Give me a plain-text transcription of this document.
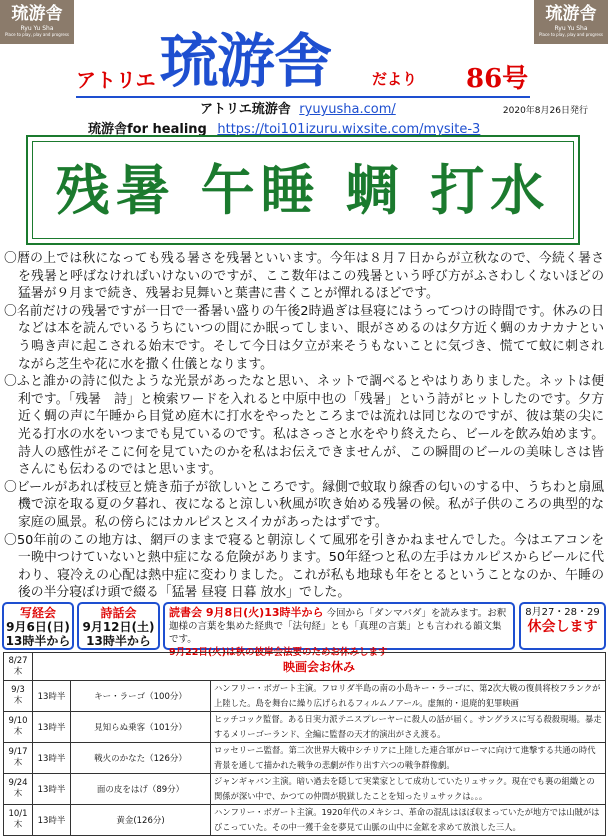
琉游舎
Ryu Yu Sha
Place to play, play and progress
琉游舎
Ryu Yu Sha
Place to play, play and progress
アトリエ 琉游舎	だより 86号
アトリエ琉游舎 ryuyusha.com/	2020年8月26日発行
琉游舎for healing https://toi101izuru.wixsite.com/mysite-3
残暑 午睡 蜩 打水

〇暦の上では秋になっても残る暑さを残暑といいます。今年は８月７日からが立秋なので、今続く暑さを残暑と呼ばなければいけないのですが、ここ数年はこの残暑という呼び方がふさわしくないほどの猛暑が９月まで続き、残暑お見舞いと葉書に書くことが憚れるほどです。

〇名前だけの残暑ですが一日で一番暑い盛りの午後2時過ぎは昼寝にはうってつけの時間です。休みの日などは本を読んでいるうちにいつの間にか眠ってしまい、眼がさめるのは夕方近く蜩のカナカナという鳴き声に起こされる始末です。そして今日は夕立が来そうもないことに気づき、慌てて蚊に刺されながら芝生や花に水を撒く仕儀となります。

〇ふと誰かの詩に似たような光景があったなと思い、ネットで調べるとやはりありました。ネットは便利です。「残暑　詩」と検索ワードを入れると中原中也の「残暑」という詩がヒットしたのです。夕方近く蜩の声に午睡から目覚め庭木に打水をやったところまでは流れは同じなのですが、彼は葉の尖に光る打水の水をいつまでも見ているのです。私はさっさと水をやり終えたら、ビールを飲み始めます。詩人の感性がそこに何を見ていたのかを私はお伝えできませんが、この瞬間のビールの美味しさは皆さんにも伝わるのではと思います。

〇ビールがあれば枝豆と焼き茄子が欲しいところです。縁側で蚊取り線香の匂いのする中、うちわと扇風機で涼を取る夏の夕暮れ、夜になると涼しい秋風が吹き始める残暑の候。私が子供のころの典型的な家庭の風景。私の傍らにはカルピスとスイカがあったはずです。

〇50年前のこの地方は、網戸のままで寝ると朝涼しくて風邪を引きかねませんでした。今はエアコンを一晩中つけていないと熱中症になる危険があります。50年経つと私の左手はカルピスからビールに代わり、寝冷えの心配は熱中症に変わりました。これが私も地球も年をとるということなのか、午睡の後の半分寝ぼけ頭で綴る「猛暑 昼寝 日暮 放水」でした。

写経会
9月6日(日)
13時半から
詩話会
9月12日(土)
13時半から
読書会 9月8日(火)13時半から 今回から「ダンマパダ」を読みます。お釈迦様の言葉を集めた経典で「法句経」とも「真理の言葉」とも言われる韻文集です。
9月22日(火)は秋の彼岸会法要のためお休みします
8月27・28・29
休会します
8/27
木	映画会お休み		

9/3
木	13時半	キー・ラーゴ（100分）	ハンフリー・ボガート主演。フロリダ半島の南の小島キー・ラーゴに、第2次大戦の復員将校フランクが上陸した。島を舞台に繰り広げられるフィルムノアール。虚無的・退廃的犯罪映画

9/10
木	13時半	見知らぬ乗客（101分）	ヒッチコック監督。ある日実力派テニスプレーヤーに殺人の話が届く。サングラスに写る殺殺現場。暴走するメリーゴーランド、全編に監督の天才的演出がさえ渡る。

9/17
木	13時半	戦火のかなた（126分）	ロッセリーニ監督。第二次世界大戦中シチリアに上陸した連合軍がローマに向けて進撃する共通の時代背景を通して描かれた戦争の悲劇が作り出す六つの戦争群像劇。

9/24
木	13時半	面の皮をはげ（89分）	ジャンギャバン主演。暗い過去を隠して実業家として成功していたリュサック。現在でも裏の組織との関係が深い中で、かつての仲間が脱獄したことを知ったリュサックは。。。

10/1
木	13時半	黄金(126分)	ハンフリー・ボガート主演。1920年代のメキシコ、革命の混乱はほぼ収まっていたが地方では山賊がはびこっていた。その中一獲千金を夢見て山脈の山中に金鉱を求めて放浪した三人。
